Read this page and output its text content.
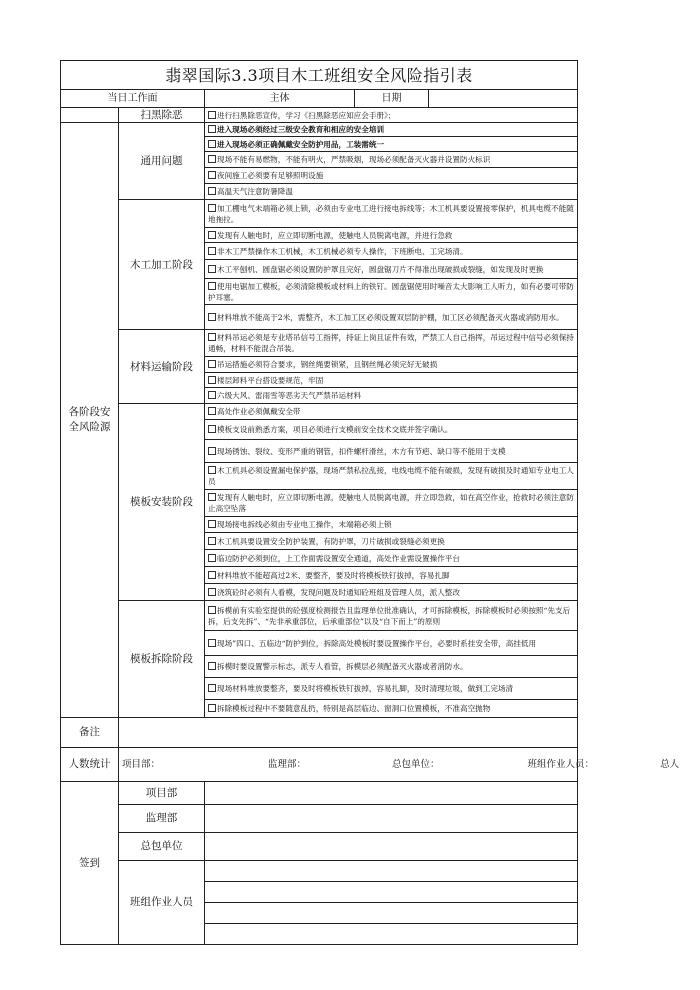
翡翠国际3.3项目木工班组安全风险指引表				
当日工作面		主体	日期	
	扫黑除恶	进行扫黑除恶宣传，学习《扫黑除恶应知应会手册》；		
各阶段安全风险源	通用问题	进入现场必须经过三级安全教育和相应的安全培训		
		进入现场必须正确佩戴安全防护用品，工装需统一		
		现场不能有易燃物，不能有明火，严禁吸烟，现场必须配备灭火器并设置防火标识		
		夜间施工必须要有足够照明设施		
		高温天气注意防暑降温		
	木工加工阶段	加工棚电气未端箱必须上锁，必须由专业电工进行接电拆线等；木工机具要设置接零保护，机具电缆不能随地拖拉。		
		发现有人触电时，应立即切断电源，使触电人员脱离电源，并进行急救		
		非木工严禁操作木工机械，木工机械必须专人操作，下班断电、工完场清。		
		木工平刨机、圆盘锯必须设置防护罩且完好，圆盘锯刀片不得准出现破损或裂缝，如发现及时更换		
		使用电锯加工模板，必须清除模板或材料上的铁钉。圆盘锯使用时噪音太大影响工人听力，如有必要可带防护耳塞。		
		材料堆放不能高于2米，需整齐，木工加工区必须设置双层防护棚，加工区必须配备灭火器或消防用水。		
	材料运输阶段	材料吊运必须是专业塔吊信号工指挥，持证上岗且证件有效，严禁工人自己指挥，吊运过程中信号必须保持通畅，材料不能混合吊装。		
		吊运措施必须符合要求，钢丝绳要锁紧，且钢丝绳必须完好无破损		
		楼层卸料平台搭设要规范，牢固		
		六级大风、雷雨雪等恶劣天气严禁吊运材料		
	模板安装阶段	高处作业必须佩戴安全带		
		模板支设前熟悉方案，项目必须进行支模前安全技术交底并签字确认。		
		现场锈蚀、裂纹、变形严重的钢管，扣件螺杆滑丝，木方有节疤、缺口等不能用于支模		
		木工机具必须设置漏电保护器，现场严禁私拉乱接，电线电缆不能有破损，发现有破损及时通知专业电工人员		
		发现有人触电时，应立即切断电源，使触电人员脱离电源，并立即急救，如在高空作业，抢救时必须注意防止高空坠落		
		现场接电拆线必须由专业电工操作，末端箱必须上锁		
		木工机具要设置安全防护装置，有防护罩，刀片破损或裂缝必须更换		
		临边防护必须到位，上工作面需设置安全通道，高处作业需设置操作平台		
		材料堆放不能超高过2米、要整齐，要及时将模板铁钉拔掉，容易扎脚		
		浇筑砼时必须有人看模，发现问题及时通知砼班组及管理人员，派人整改		
	模板拆除阶段	拆模前有实验室提供的砼强度检测报告且监理单位批准确认，才可拆除模板，拆除模板时必须按照“先支后拆，后支先拆”、“先非承重部位，后承重部位”以及“自下而上”的原则		
		现场”四口、五临边“防护到位，拆除高处模板时要设置操作平台，必要时系挂安全带，高挂低用		
		拆模时要设置警示标志，派专人看管，拆模层必须配备灭火器或者消防水。		
		现场材料堆放要整齐，要及时将模板铁钉拔掉，容易扎脚，及时清理垃圾，做到工完场清		
		拆除模板过程中不要随意乱扔，特别是高层临边、窗洞口位置模板，不准高空抛物		
备注				
人数统计	项目部： 监理部： 总包单位： 班组作业人员： 总人			
签到	项目部			
	监理部			
	总包单位			
	班组作业人员			
